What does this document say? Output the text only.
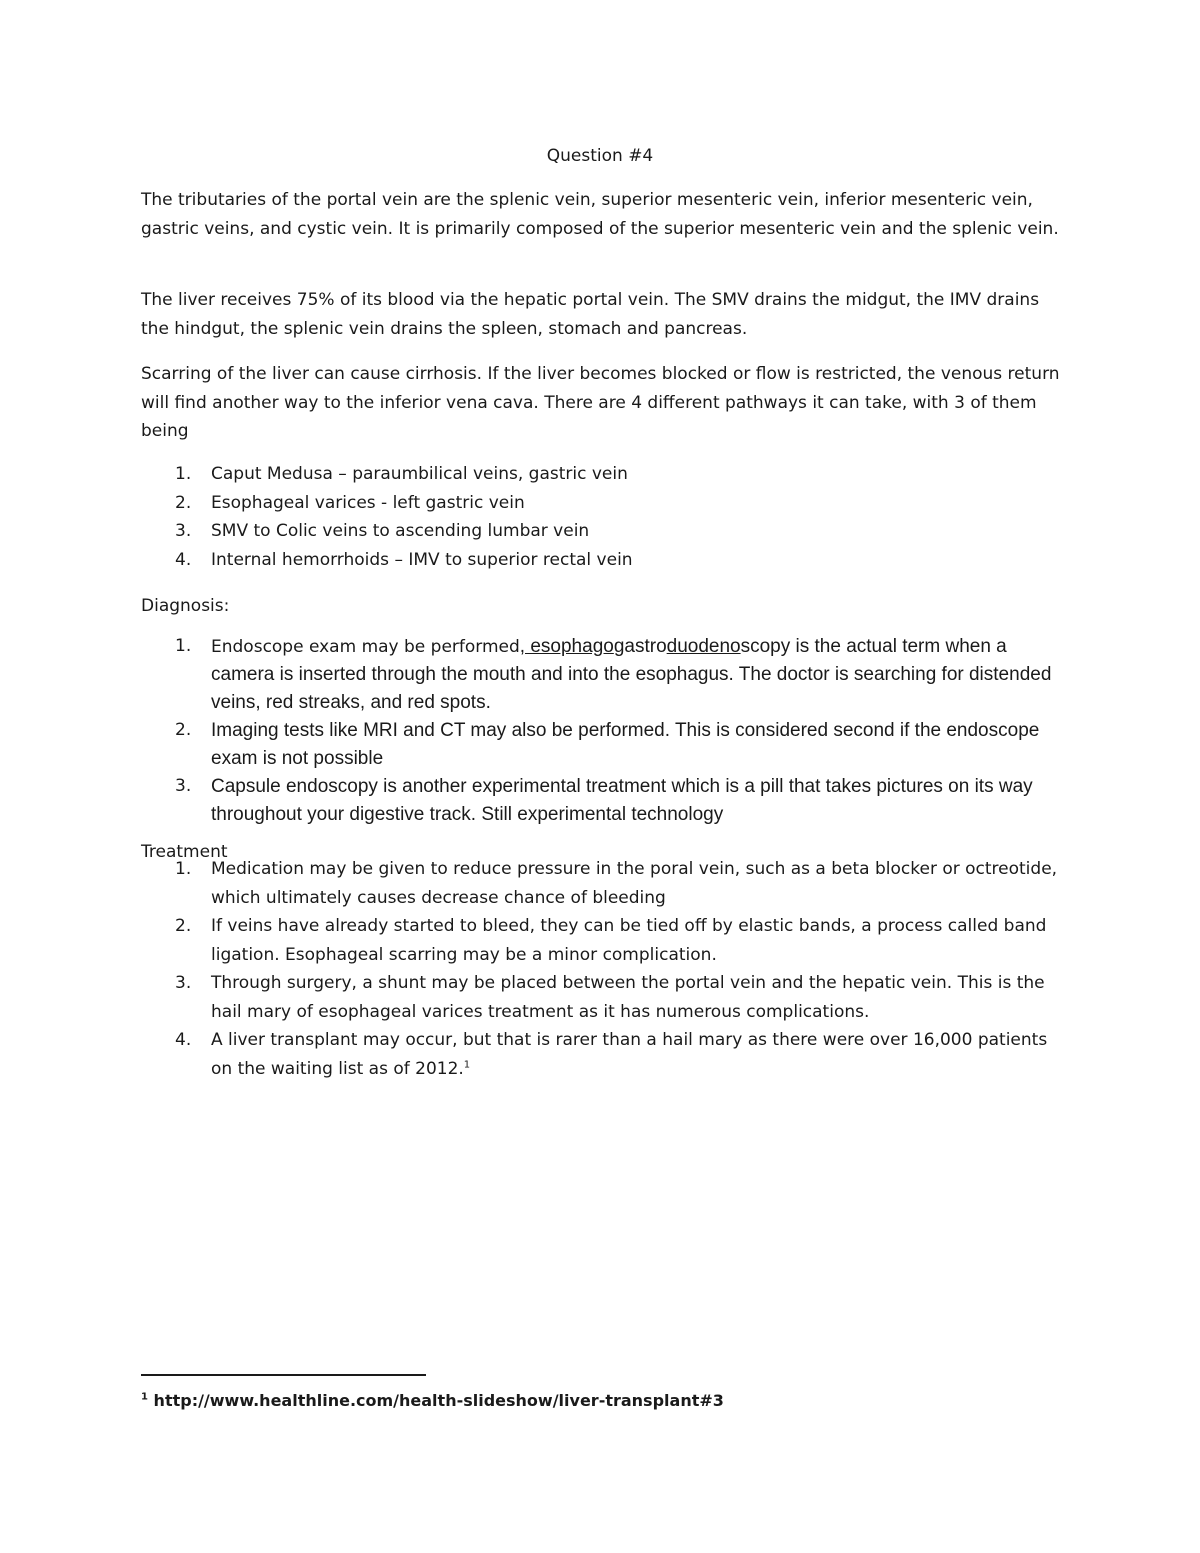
Question #4

The tributaries of the portal vein are the splenic vein, superior mesenteric vein, inferior mesenteric vein, gastric veins, and cystic vein. It is primarily composed of the superior mesenteric vein and the splenic vein.

The liver receives 75% of its blood via the hepatic portal vein. The SMV drains the midgut, the IMV drains the hindgut, the splenic vein drains the spleen, stomach and pancreas.

Scarring of the liver can cause cirrhosis. If the liver becomes blocked or flow is restricted, the venous return will find another way to the inferior vena cava. There are 4 different pathways it can take, with 3 of them being

1. Caput Medusa – paraumbilical veins, gastric vein
2. Esophageal varices - left gastric vein
3. SMV to Colic veins to ascending lumbar vein
4. Internal hemorrhoids – IMV to superior rectal vein

Diagnosis:

1. Endoscope exam may be performed, esophagogastroduodenoscopy is the actual term when a camera is inserted through the mouth and into the esophagus. The doctor is searching for distended veins, red streaks, and red spots.
2. Imaging tests like MRI and CT may also be performed. This is considered second if the endoscope exam is not possible
3. Capsule endoscopy is another experimental treatment which is a pill that takes pictures on its way throughout your digestive track. Still experimental technology

Treatment

1. Medication may be given to reduce pressure in the poral vein, such as a beta blocker or octreotide, which ultimately causes decrease chance of bleeding
2. If veins have already started to bleed, they can be tied off by elastic bands, a process called band ligation. Esophageal scarring may be a minor complication.
3. Through surgery, a shunt may be placed between the portal vein and the hepatic vein. This is the hail mary of esophageal varices treatment as it has numerous complications.
4. A liver transplant may occur, but that is rarer than a hail mary as there were over 16,000 patients on the waiting list as of 2012.$^1$
$^1$ http://www.healthline.com/health-slideshow/liver-transplant#3
